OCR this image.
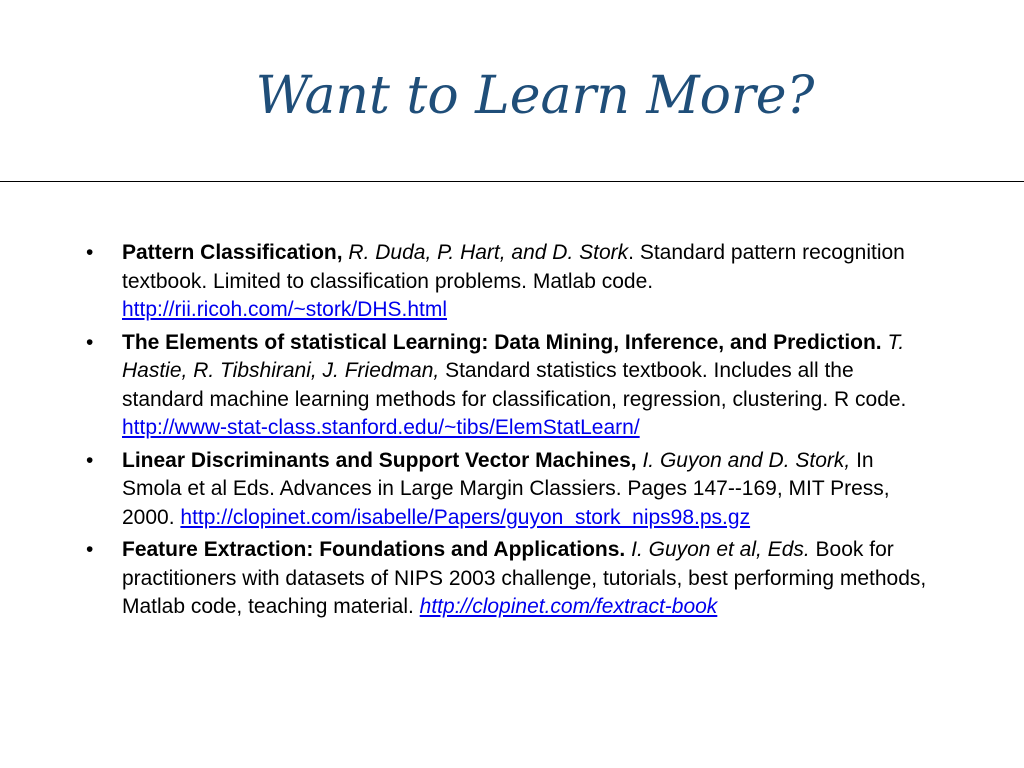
Want to Learn More?
• Pattern Classification, R. Duda, P. Hart, and D. Stork. Standard pattern recognition textbook. Limited to classification problems. Matlab code. http://rii.ricoh.com/~stork/DHS.html
• The Elements of statistical Learning: Data Mining, Inference, and Prediction. T. Hastie, R. Tibshirani, J. Friedman, Standard statistics textbook. Includes all the standard machine learning methods for classification, regression, clustering. R code. http://www-stat-class.stanford.edu/~tibs/ElemStatLearn/
• Linear Discriminants and Support Vector Machines, I. Guyon and D. Stork, In Smola et al Eds. Advances in Large Margin Classiers. Pages 147--169, MIT Press, 2000. http://clopinet.com/isabelle/Papers/guyon_stork_nips98.ps.gz
• Feature Extraction: Foundations and Applications. I. Guyon et al, Eds. Book for practitioners with datasets of NIPS 2003 challenge, tutorials, best performing methods, Matlab code, teaching material. http://clopinet.com/fextract-book
